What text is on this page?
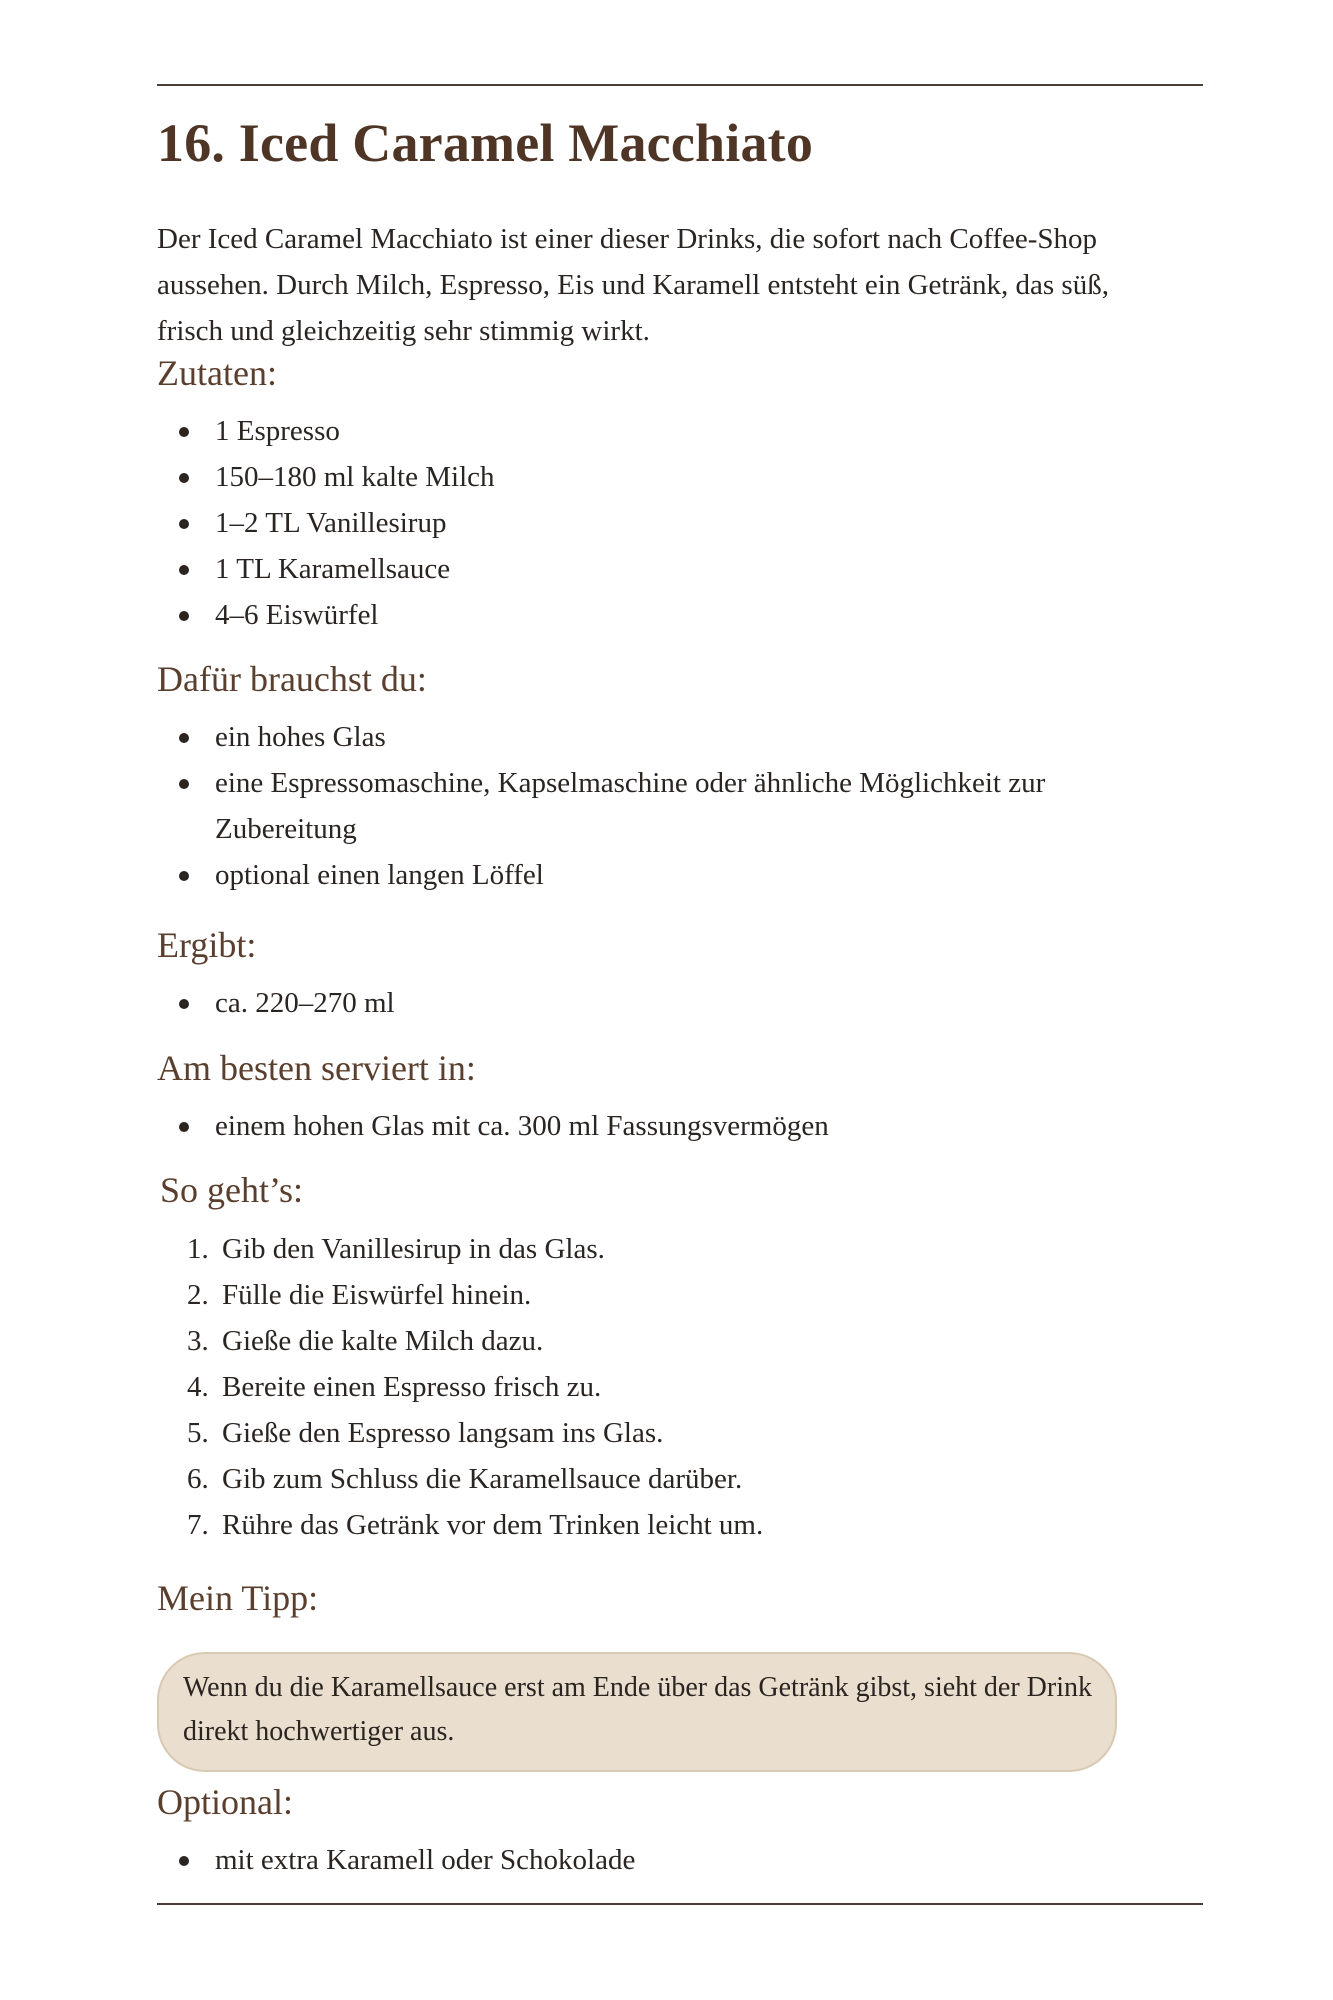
16. Iced Caramel Macchiato

Der Iced Caramel Macchiato ist einer dieser Drinks, die sofort nach Coffee-Shop aussehen. Durch Milch, Espresso, Eis und Karamell entsteht ein Getränk, das süß, frisch und gleichzeitig sehr stimmig wirkt.

Zutaten:
1 Espresso
150–180 ml kalte Milch
1–2 TL Vanillesirup
1 TL Karamellsauce
4–6 Eiswürfel
Dafür brauchst du:
ein hohes Glas
eine Espressomaschine, Kapselmaschine oder ähnliche Möglichkeit zur Zubereitung
optional einen langen Löffel
Ergibt:
ca. 220–270 ml
Am besten serviert in:
einem hohen Glas mit ca. 300 ml Fassungsvermögen
So geht’s:
1. Gib den Vanillesirup in das Glas.
2. Fülle die Eiswürfel hinein.
3. Gieße die kalte Milch dazu.
4. Bereite einen Espresso frisch zu.
5. Gieße den Espresso langsam ins Glas.
6. Gib zum Schluss die Karamellsauce darüber.
7. Rühre das Getränk vor dem Trinken leicht um.
Mein Tipp:

Wenn du die Karamellsauce erst am Ende über das Getränk gibst, sieht der Drink direkt hochwertiger aus.

Optional:
mit extra Karamell oder Schokolade
